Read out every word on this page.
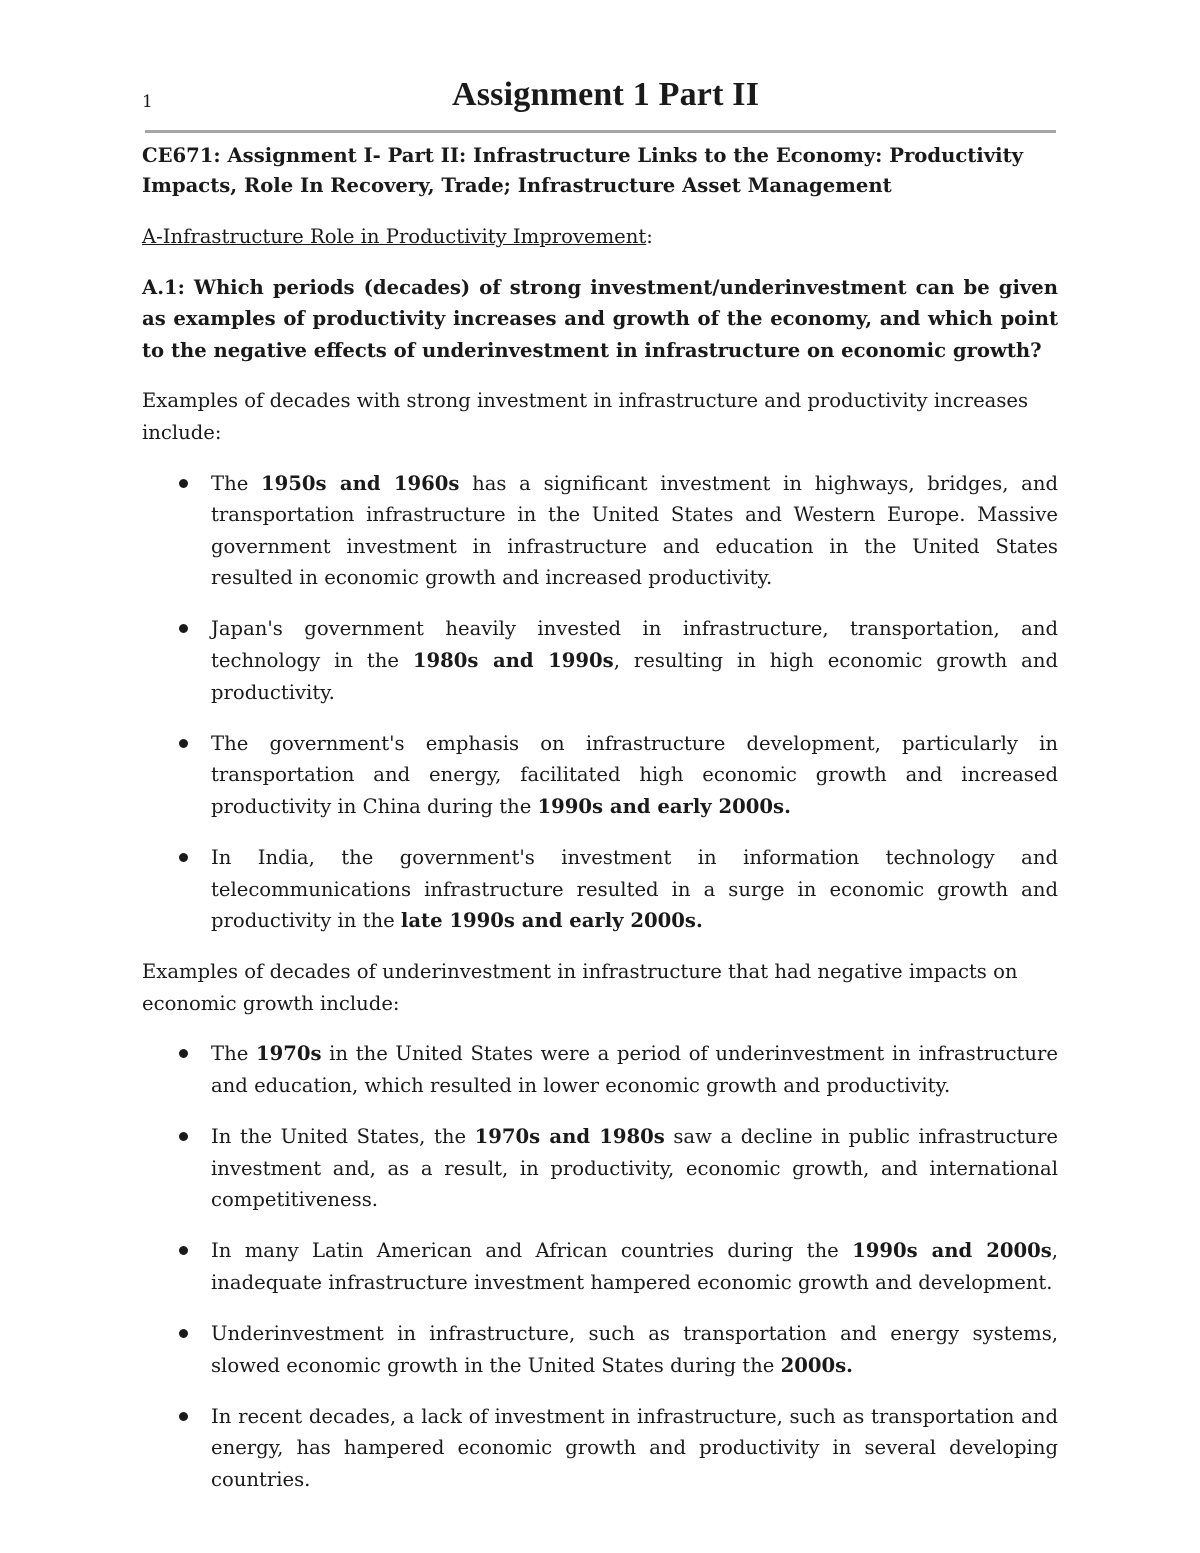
1	Assignment 1 Part II

CE671: Assignment I- Part II: Infrastructure Links to the Economy: Productivity Impacts, Role In Recovery, Trade; Infrastructure Asset Management

A-Infrastructure Role in Productivity Improvement:

A.1: Which periods (decades) of strong investment/underinvestment can be given as examples of productivity increases and growth of the economy, and which point to the negative effects of underinvestment in infrastructure on economic growth?

Examples of decades with strong investment in infrastructure and productivity increases include:

The 1950s and 1960s has a significant investment in highways, bridges, and transportation infrastructure in the United States and Western Europe. Massive government investment in infrastructure and education in the United States resulted in economic growth and increased productivity.
Japan's government heavily invested in infrastructure, transportation, and technology in the 1980s and 1990s, resulting in high economic growth and productivity.
The government's emphasis on infrastructure development, particularly in transportation and energy, facilitated high economic growth and increased productivity in China during the 1990s and early 2000s.
In India, the government's investment in information technology and telecommunications infrastructure resulted in a surge in economic growth and productivity in the late 1990s and early 2000s.

Examples of decades of underinvestment in infrastructure that had negative impacts on economic growth include:

The 1970s in the United States were a period of underinvestment in infrastructure and education, which resulted in lower economic growth and productivity.
In the United States, the 1970s and 1980s saw a decline in public infrastructure investment and, as a result, in productivity, economic growth, and international competitiveness.
In many Latin American and African countries during the 1990s and 2000s, inadequate infrastructure investment hampered economic growth and development.
Underinvestment in infrastructure, such as transportation and energy systems, slowed economic growth in the United States during the 2000s.
In recent decades, a lack of investment in infrastructure, such as transportation and energy, has hampered economic growth and productivity in several developing countries.
